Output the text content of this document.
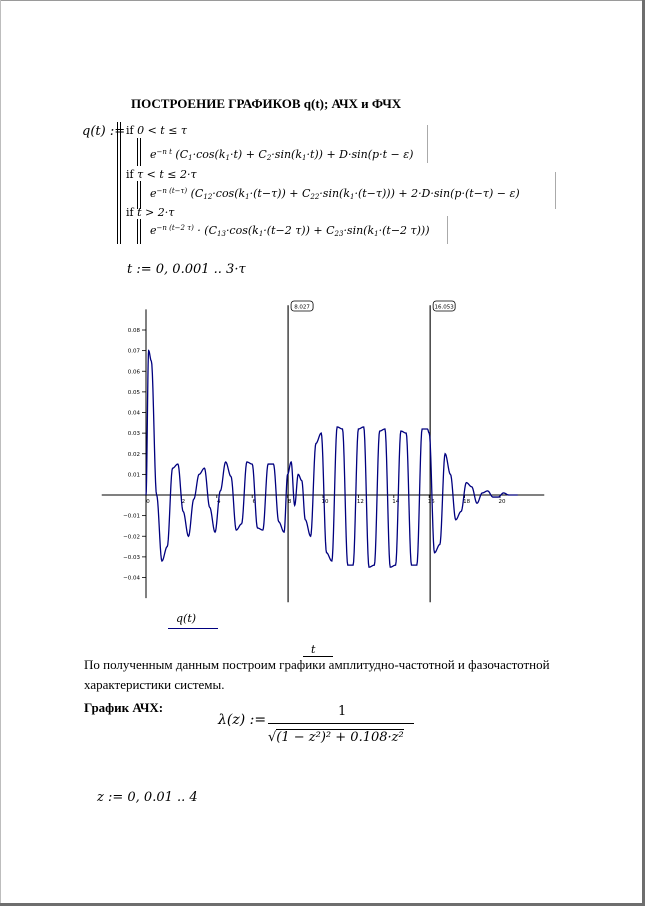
ПОСТРОЕНИЕ ГРАФИКОВ q(t); АЧХ и ФЧХ
q(t) := if 0 < t ≤ τ
$e^{-n t}$ $(C_1\cdot\cos(k_1\cdot t) + C_2\cdot\sin(k_1\cdot t)) + D\cdot\sin(p\cdot t - \varepsilon)$
if τ < t ≤ 2·τ
$e^{-n (t-\tau)}$ $(C_{12}\cdot\cos(k_1\cdot(t-\tau)) + C_{22}\cdot\sin(k_1\cdot(t-\tau))) + 2\cdot D\cdot\sin(p\cdot(t-\tau) - \varepsilon)$
if t > 2·τ
$e^{-n (t-2 \tau)} \cdot (C_{13}\cdot\cos(k_1\cdot(t-2$ $\tau)) + C_{23}\cdot\sin(k_1\cdot(t-2$ τ)))
t := 0, 0.001 .. 3·τ
−0.04
−0.03
−0.02
−0.01
0.01
0.02
0.03
0.04
0.05
0.06
0.07
0.08
0	2	4	6	8	10	12	14	16	18	20
8.027	16.053
q(t)
t
По полученным данным построим графики амплитудно-частотной и фазочастотной характеристики системы.
График АЧХ:
λ(z) :=
1
√(1 − z²)² + 0.108·z²
z := 0, 0.01 .. 4
